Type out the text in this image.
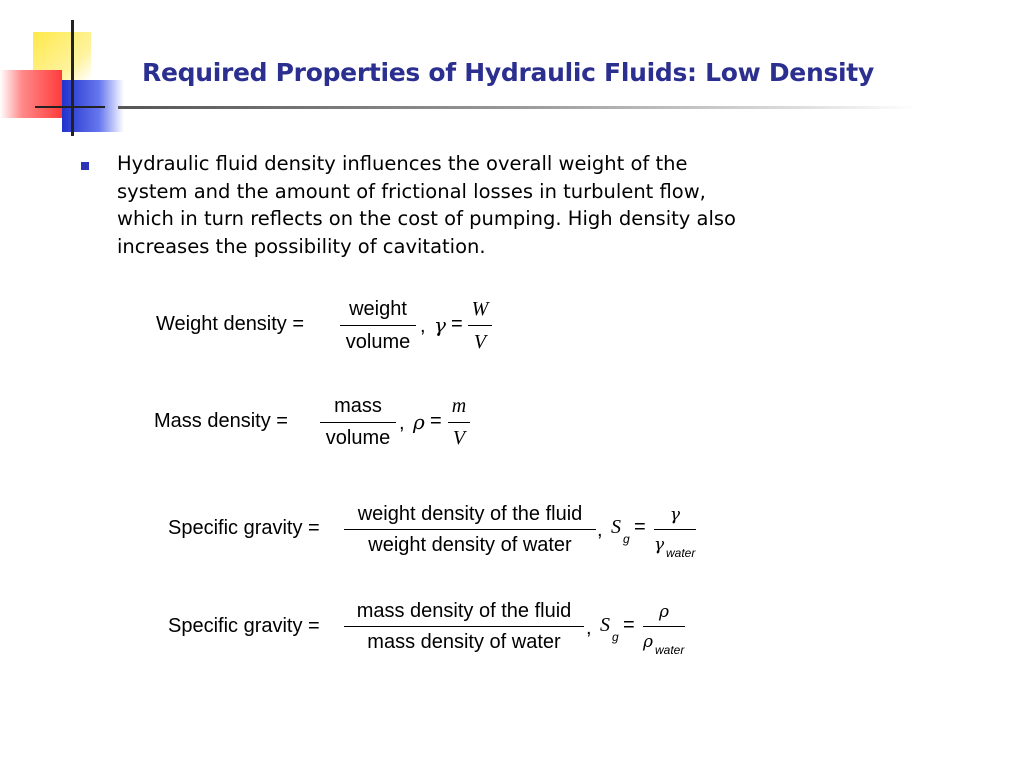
Required Properties of Hydraulic Fluids: Low Density
Hydraulic fluid density influences the overall weight of the system and the amount of frictional losses in turbulent flow, which in turn reflects on the cost of pumping. High density also increases the possibility of cavitation.
Weight density =
weight
volume
, γ =
W
V
Mass density =
mass
volume
, ρ =
m
V
Specific gravity =
weight density of the fluid
weight density of water
, S
g
=
γ
γ water
Specific gravity =
mass density of the fluid
mass density of water
, S
g
=
ρ
ρ water
